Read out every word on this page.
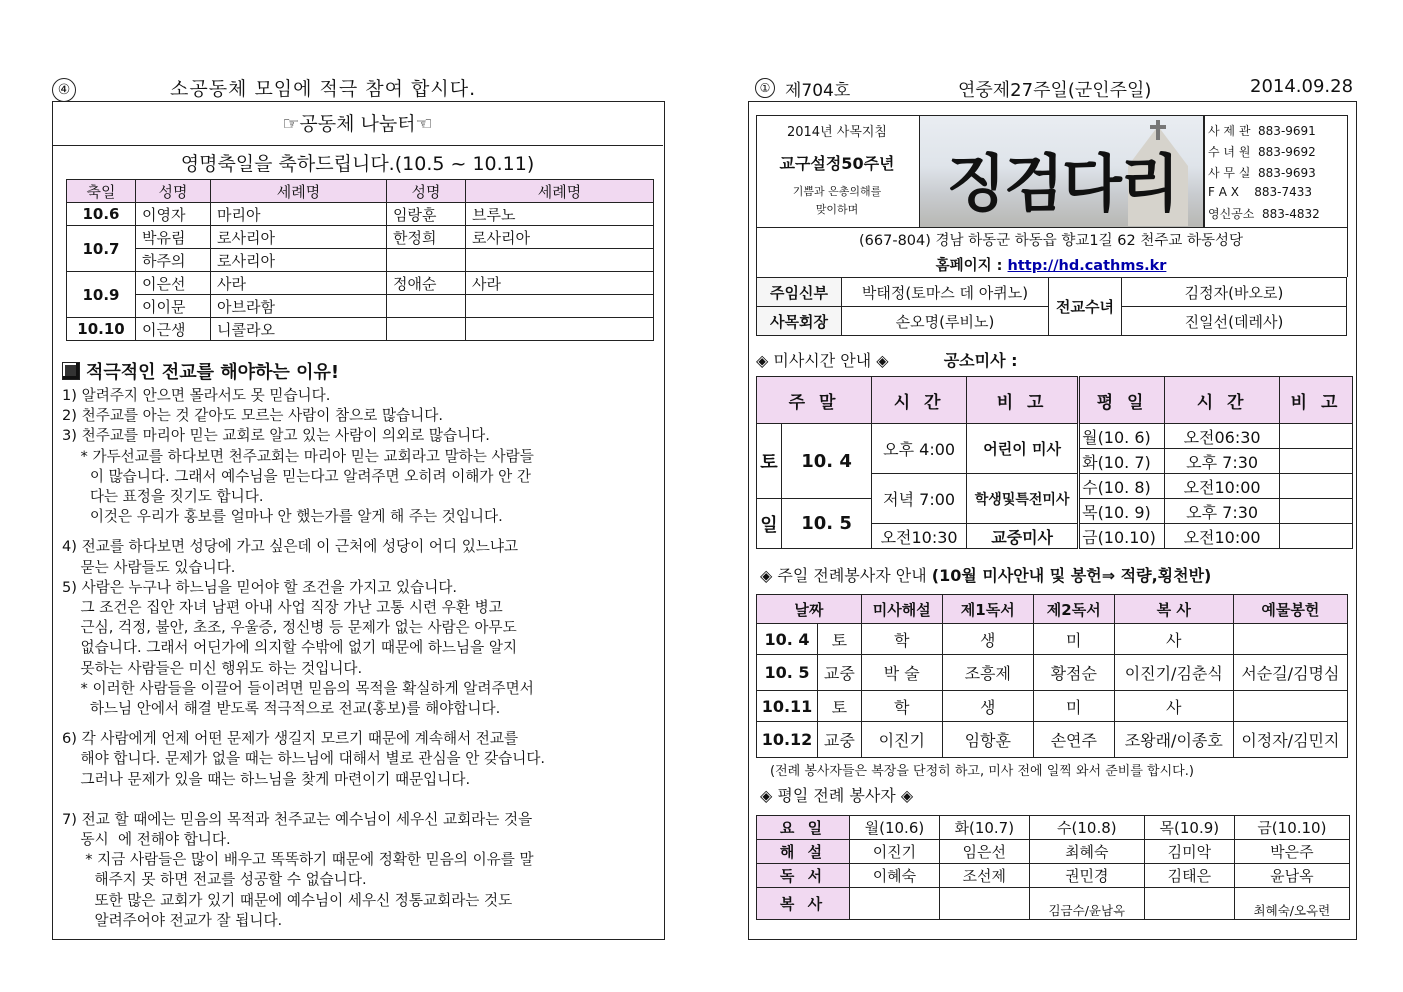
④	소공동체 모임에 적극 참여 합시다.
☞공동체 나눔터☜
영명축일을 축하드립니다.(10.5 ~ 10.11)
축일	성명	세례명	성명	세례명
10.6	이영자	마리아	임랑훈	브루노
10.7	박유림	로사리아	한정희	로사리아
	하주의	로사리아		
10.9	이은선	사라	정애순	사라
	이이문	아브라함		
10.10	이근생	니콜라오		
적극적인 전교를 해야하는 이유!
1) 알려주지 안으면 몰라서도 못 믿습니다.
2) 천주교를 아는 것 같아도 모르는 사람이 참으로 많습니다.
3) 천주교를 마리아 믿는 교회로 알고 있는 사람이 의외로 많습니다.
* 가두선교를 하다보면 천주교회는 마리아 믿는 교회라고 말하는 사람들
이 많습니다. 그래서 예수님을 믿는다고 알려주면 오히려 이해가 안 간
다는 표정을 짓기도 합니다.
이것은 우리가 홍보를 얼마나 안 했는가를 알게 해 주는 것입니다.

4) 전교를 하다보면 성당에 가고 싶은데 이 근처에 성당이 어디 있느냐고
묻는 사람들도 있습니다.
5) 사람은 누구나 하느님을 믿어야 할 조건을 가지고 있습니다.
그 조건은 집안 자녀 남편 아내 사업 직장 가난 고통 시련 우환 병고
근심, 걱정, 불안, 초조, 우울증, 정신병 등 문제가 없는 사람은 아무도
없습니다. 그래서 어딘가에 의지할 수밖에 없기 때문에 하느님을 알지
못하는 사람들은 미신 행위도 하는 것입니다.
* 이러한 사람들을 이끌어 들이려면 믿음의 목적을 확실하게 알려주면서
하느님 안에서 해결 받도록 적극적으로 전교(홍보)를 해야합니다.

6) 각 사람에게 언제 어떤 문제가 생길지 모르기 때문에 계속해서 전교를
해야 합니다. 문제가 없을 때는 하느님에 대해서 별로 관심을 안 갖습니다.
그러나 문제가 있을 때는 하느님을 찾게 마련이기 때문입니다.

7) 전교 할 때에는 믿음의 목적과 천주교는 예수님이 세우신 교회라는 것을
동시  에 전해야 합니다.
* 지금 사람들은 많이 배우고 똑똑하기 때문에 정확한 믿음의 이유를 말
해주지 못 하면 전교를 성공할 수 없습니다.
또한 많은 교회가 있기 때문에 예수님이 세우신 정통교회라는 것도
알려주어야 전교가 잘 됩니다.
① 제704호	연중제27주일(군인주일)	2014.09.28
2014년 사목지침
교구설정50주년
기쁨과 은총의해를
맞이하며	징검다리
사 제 관  883-9691
수 녀 원  883-9692
사 무 실  883-9693
F A X    883-7433
영신공소  883-4832
(667-804) 경남 하동군 하동읍 향교1길 62 천주교 하동성당
홈페이지 : http://hd.cathms.kr
주임신부	박태정(토마스 데 아퀴노)	전교수녀	김정자(바오로)
사목회장	손오명(루비노)		진일선(데레사)
◈ 미사시간 안내 ◈	공소미사 :
주 말		시 간	비 고	평 일	시 간	비 고
토	10. 4	오후 4:00	어린이 미사	월(10. 6)	오전06:30	
				화(10. 7)	오후 7:30	
		저녁 7:00	학생및특전미사	수(10. 8)	오전10:00	
일	10. 5			목(10. 9)	오후 7:30	
		오전10:30	교중미사	금(10.10)	오전10:00	
◈ 주일 전례봉사자 안내 (10월 미사안내 및 봉헌⇒ 적량,횡천반)
날짜		미사해설	제1독서	제2독서	복 사	예물봉헌
10. 4	토	학	생	미	사	
10. 5	교중	박 술	조흥제	황점순	이진기/김춘식	서순길/김명심
10.11	토	학	생	미	사	
10.12	교중	이진기	임항훈	손연주	조왕래/이종호	이정자/김민지
(전례 봉사자들은 복장을 단정히 하고, 미사 전에 일찍 와서 준비를 합시다.)
◈ 평일 전례 봉사자 ◈
요 일	월(10.6)	화(10.7)	수(10.8)	목(10.9)	금(10.10)
해 설	이진기	임은선	최혜숙	김미악	박은주
독 서	이혜숙	조선제	권민경	김태은	윤남옥
복 사			김금수/윤남옥		최혜숙/오옥련
